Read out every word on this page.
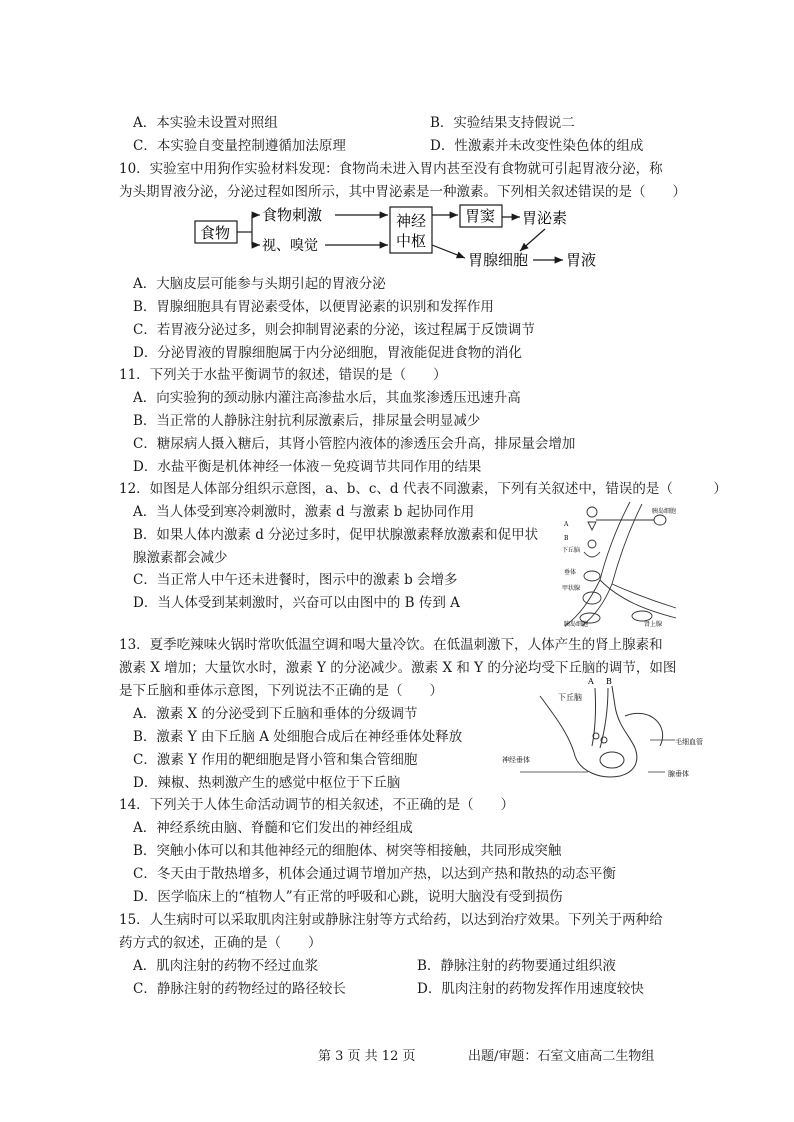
A．本实验未设置对照组	B．实验结果支持假说二
C．本实验自变量控制遵循加法原理	D．性激素并未改变性染色体的组成
10．实验室中用狗作实验材料发现：食物尚未进入胃内甚至没有食物就可引起胃液分泌，称
为头期胃液分泌，分泌过程如图所示，其中胃泌素是一种激素。下列相关叙述错误的是（　　）
食物
食物刺激
视、嗅觉
神经
中枢
胃窦 胃泌素
胃腺细胞	胃液
A．大脑皮层可能参与头期引起的胃液分泌
B．胃腺细胞具有胃泌素受体，以便胃泌素的识别和发挥作用
C．若胃液分泌过多，则会抑制胃泌素的分泌，该过程属于反馈调节
D．分泌胃液的胃腺细胞属于内分泌细胞，胃液能促进食物的消化
11．下列关于水盐平衡调节的叙述，错误的是（　　）
A．向实验狗的颈动脉内灌注高渗盐水后，其血浆渗透压迅速升高
B．当正常的人静脉注射抗利尿激素后，排尿量会明显减少
C．糖尿病人摄入糖后，其肾小管腔内液体的渗透压会升高，排尿量会增加
D．水盐平衡是机体神经一体液－免疫调节共同作用的结果
12．如图是人体部分组织示意图，a、b、c、d 代表不同激素，下列有关叙述中，错误的是（　　　）
A．当人体受到寒冷刺激时，激素 d 与激素 b 起协同作用
B．如果人体内激素 d 分泌过多时，促甲状腺激素释放激素和促甲状
腺激素都会减少
C．当正常人中午还未进餐时，图示中的激素 b 会增多
D．当人体受到某刺激时，兴奋可以由图中的 B 传到 A
A
B
下丘脑
垂体
甲状腺
胰岛细胞
胰岛细胞	肾上腺
13．夏季吃辣味火锅时常吹低温空调和喝大量冷饮。在低温刺激下，人体产生的肾上腺素和
激素 X 增加；大量饮水时，激素 Y 的分泌减少。激素 X 和 Y 的分泌均受下丘脑的调节，如图
是下丘脑和垂体示意图，下列说法不正确的是（　　）
A．激素 X 的分泌受到下丘脑和垂体的分级调节
B．激素 Y 由下丘脑 A 处细胞合成后在神经垂体处释放
C．激素 Y 作用的靶细胞是肾小管和集合管细胞
D．辣椒、热刺激产生的感觉中枢位于下丘脑
A B
下丘脑
毛细血管
神经垂体
腺垂体
14．下列关于人体生命活动调节的相关叙述，不正确的是（　　）
A．神经系统由脑、脊髓和它们发出的神经组成
B．突触小体可以和其他神经元的细胞体、树突等相接触，共同形成突触
C．冬天由于散热增多，机体会通过调节增加产热，以达到产热和散热的动态平衡
D．医学临床上的“植物人”有正常的呼吸和心跳，说明大脑没有受到损伤
15．人生病时可以采取肌肉注射或静脉注射等方式给药，以达到治疗效果。下列关于两种给
药方式的叙述，正确的是（　　）
A．肌肉注射的药物不经过血浆	B．静脉注射的药物要通过组织液
C．静脉注射的药物经过的路径较长	D．肌肉注射的药物发挥作用速度较快
第 3 页 共 12 页	出题/审题：石室文庙高二生物组
